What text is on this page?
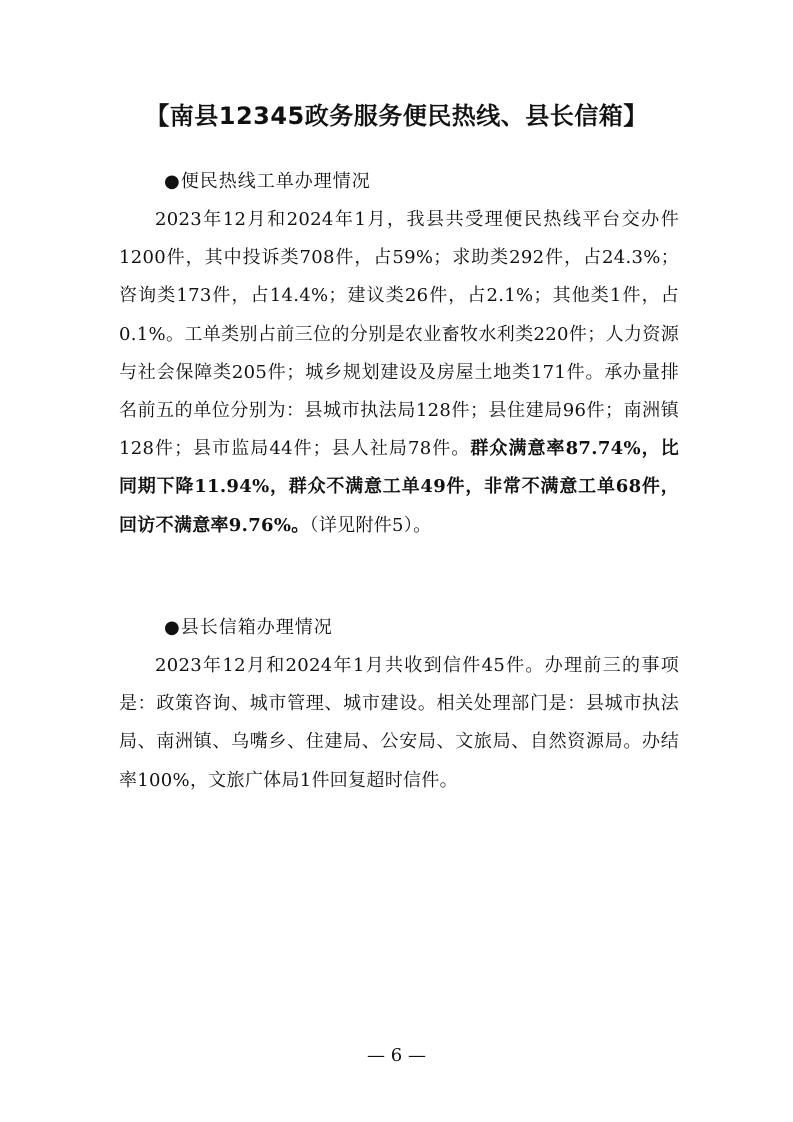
【南县12345政务服务便民热线、县长信箱】

●便民热线工单办理情况

2023年12月和2024年1月，我县共受理便民热线平台交办件1200件，其中投诉类708件，占59%；求助类292件，占24.3%；咨询类173件，占14.4%；建议类26件，占2.1%；其他类1件，占0.1%。工单类别占前三位的分别是农业畜牧水利类220件；人力资源与社会保障类205件；城乡规划建设及房屋土地类171件。承办量排名前五的单位分别为：县城市执法局128件；县住建局96件；南洲镇128件；县市监局44件；县人社局78件。群众满意率87.74%，比同期下降11.94%，群众不满意工单49件，非常不满意工单68件，回访不满意率9.76%。（详见附件5）。

●县长信箱办理情况

2023年12月和2024年1月共收到信件45件。办理前三的事项是：政策咨询、城市管理、城市建设。相关处理部门是：县城市执法局、南洲镇、乌嘴乡、住建局、公安局、文旅局、自然资源局。办结率100%，文旅广体局1件回复超时信件。

— 6 —
